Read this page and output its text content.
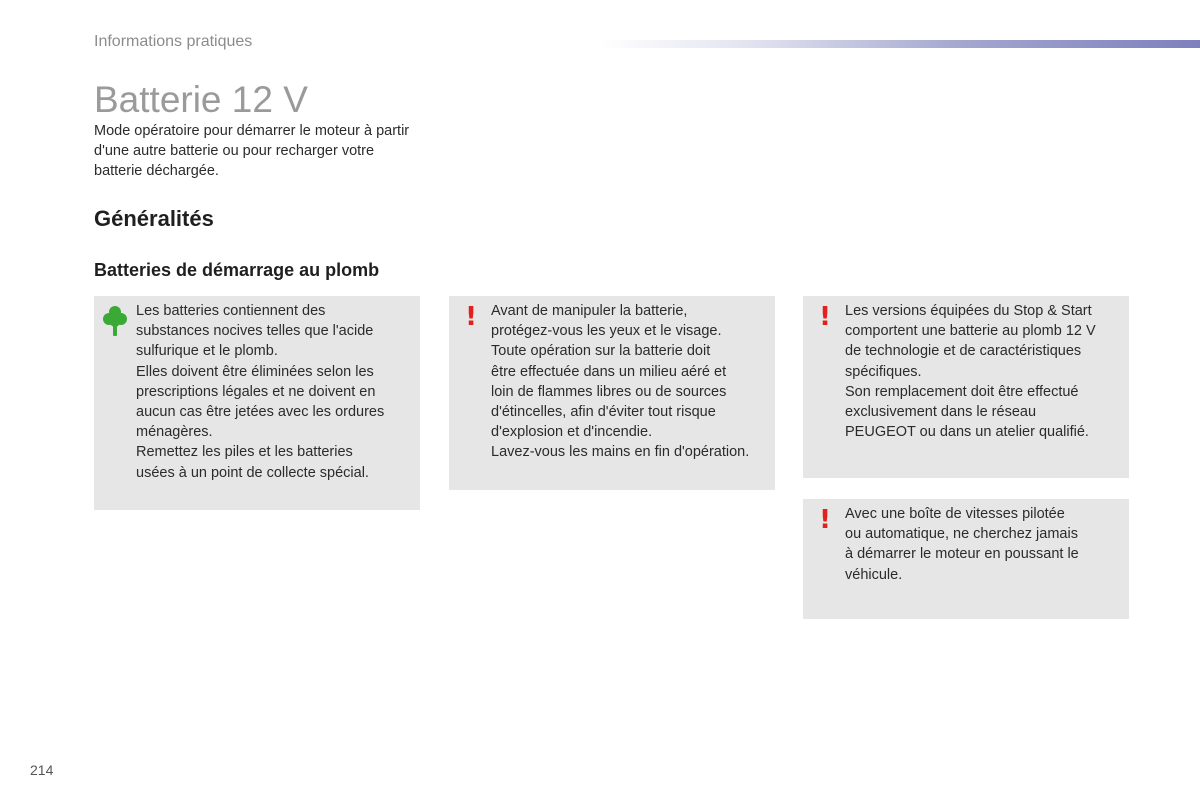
Informations pratiques
Batterie 12 V
Mode opératoire pour démarrer le moteur à partir d'une autre batterie ou pour recharger votre batterie déchargée.
Généralités
Batteries de démarrage au plomb
Les batteries contiennent des
substances nocives telles que l'acide
sulfurique et le plomb.
Elles doivent être éliminées selon les
prescriptions légales et ne doivent en
aucun cas être jetées avec les ordures
ménagères.
Remettez les piles et les batteries
usées à un point de collecte spécial.
! Avant de manipuler la batterie,
protégez-vous les yeux et le visage.
Toute opération sur la batterie doit
être effectuée dans un milieu aéré et
loin de flammes libres ou de sources
d'étincelles, afin d'éviter tout risque
d'explosion et d'incendie.
Lavez-vous les mains en fin d'opération.
! Les versions équipées du Stop & Start
comportent une batterie au plomb 12 V
de technologie et de caractéristiques
spécifiques.
Son remplacement doit être effectué
exclusivement dans le réseau
PEUGEOT ou dans un atelier qualifié.
! Avec une boîte de vitesses pilotée
ou automatique, ne cherchez jamais
à démarrer le moteur en poussant le
véhicule.
214
